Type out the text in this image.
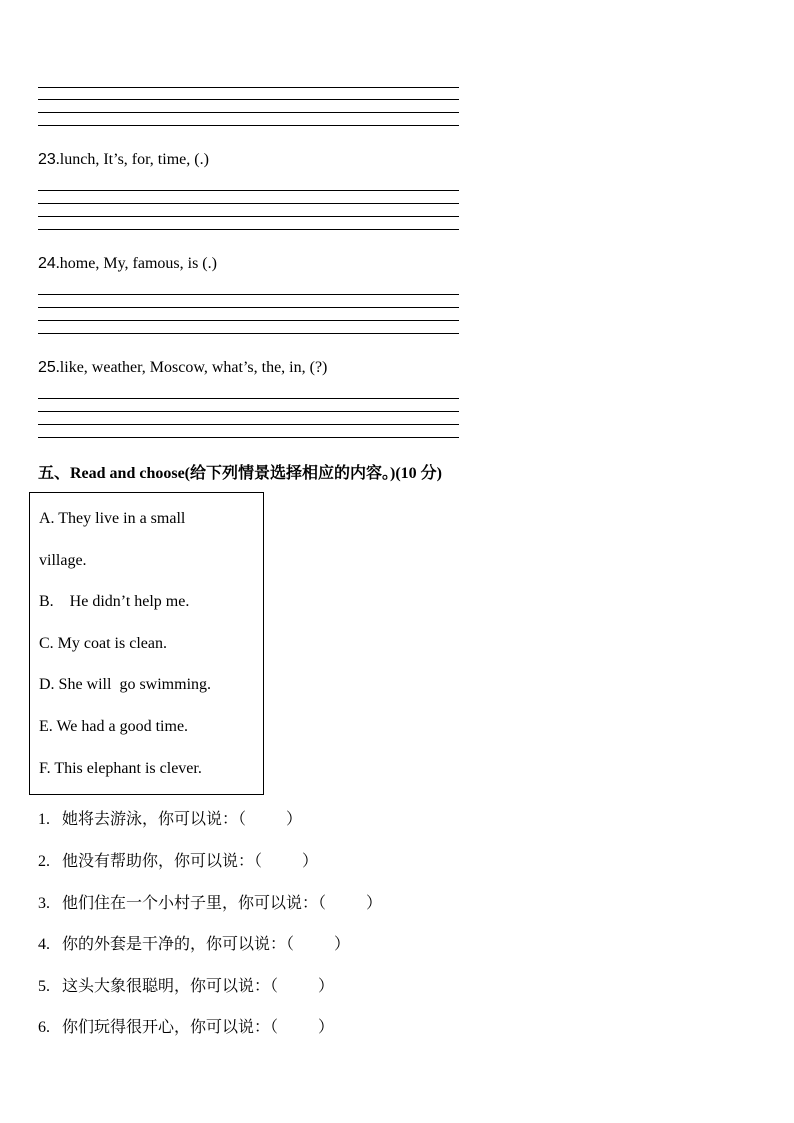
23.lunch, It’s, for, time, (.)
24.home, My, famous, is (.)
25.like, weather, Moscow, what’s, the, in, (?)
五、Read and choose(给下列情景选择相应的内容。)(10 分)
A. They live in a small
village.
B.    He didn’t help me.
C. My coat is clean.
D. She will  go swimming.
E. We had a good time.
F. This elephant is clever.
1. 她将去游泳，你可以说：（          ）
2. 他没有帮助你，你可以说：（          ）
3. 他们住在一个小村子里，你可以说：（          ）
4. 你的外套是干净的，你可以说：（          ）
5. 这头大象很聪明，你可以说：（          ）
6. 你们玩得很开心，你可以说：（          ）
